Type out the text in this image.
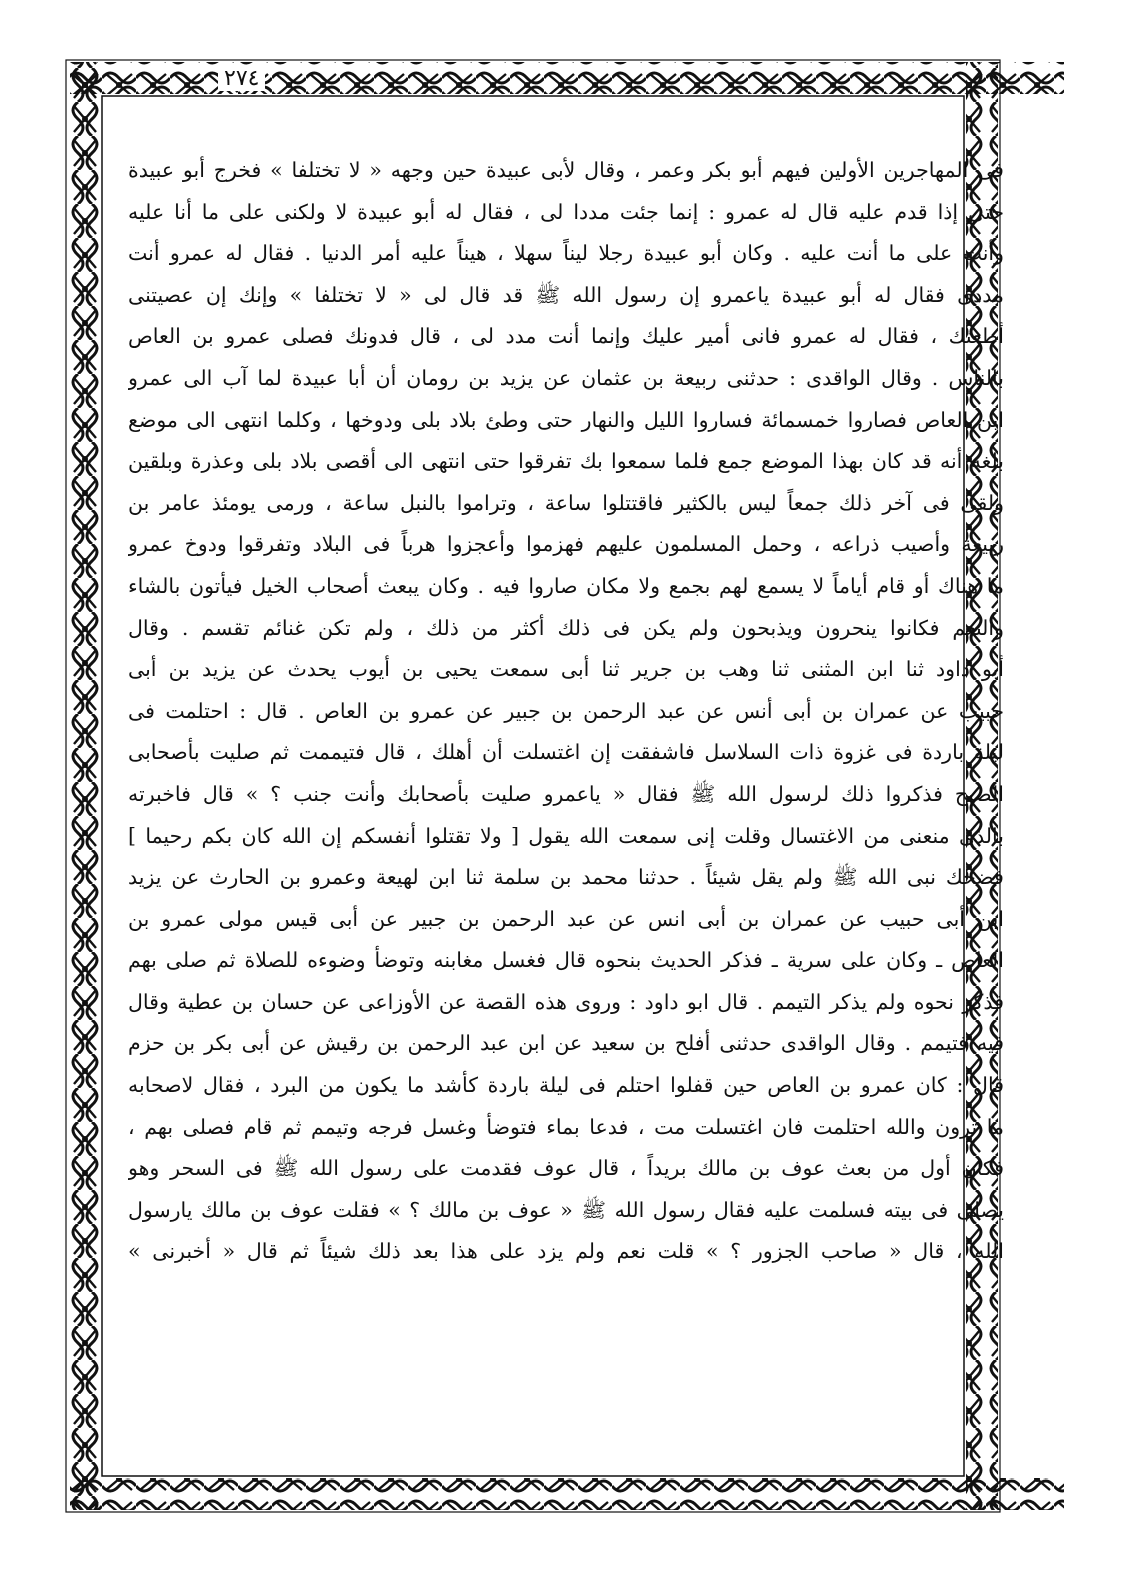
٢٧٤
فى المهاجرين الأولين فيهم أبو بكر وعمر ، وقال لأبى عبيدة حين وجهه « لا تختلفا » فخرج أبو عبيدة
حتى إذا قدم عليه قال له عمرو : إنما جئت مددا لى ، فقال له أبو عبيدة لا ولكنى على ما أنا عليه
وأنت على ما أنت عليه . وكان أبو عبيدة رجلا ليناً سهلا ، هيناً عليه أمر الدنيا . فقال له عمرو أنت
مددى فقال له أبو عبيدة ياعمرو إن رسول الله ﷺ قد قال لى « لا تختلفا » وإنك إن عصيتنى
أطعتك ، فقال له عمرو فانى أمير عليك وإنما أنت مدد لى ، قال فدونك فصلى عمرو بن العاص
بالناس . وقال الواقدى : حدثنى ربيعة بن عثمان عن يزيد بن رومان أن أبا عبيدة لما آب الى عمرو
ابن العاص فصاروا خمسمائة فساروا الليل والنهار حتى وطئ بلاد بلى ودوخها ، وكلما انتهى الى موضع
بلغه أنه قد كان بهذا الموضع جمع فلما سمعوا بك تفرقوا حتى انتهى الى أقصى بلاد بلى وعذرة وبلقين
ولقى فى آخر ذلك جمعاً ليس بالكثير فاقتتلوا ساعة ، وتراموا بالنبل ساعة ، ورمى يومئذ عامر بن
ربيعة وأصيب ذراعه ، وحمل المسلمون عليهم فهزموا وأعجزوا هرباً فى البلاد وتفرقوا ودوخ عمرو
ما هناك أو قام أياماً لا يسمع لهم بجمع ولا مكان صاروا فيه . وكان يبعث أصحاب الخيل فيأتون بالشاء
والنعم فكانوا ينحرون ويذبحون ولم يكن فى ذلك أكثر من ذلك ، ولم تكن غنائم تقسم . وقال
أبو داود ثنا ابن المثنى ثنا وهب بن جرير ثنا أبى سمعت يحيى بن أيوب يحدث عن يزيد بن أبى
حبيب عن عمران بن أبى أنس عن عبد الرحمن بن جبير عن عمرو بن العاص . قال : احتلمت فى
ليلة باردة فى غزوة ذات السلاسل فاشفقت إن اغتسلت أن أهلك ، قال فتيممت ثم صليت بأصحابى
الصبح فذكروا ذلك لرسول الله ﷺ فقال « ياعمرو صليت بأصحابك وأنت جنب ؟ » قال فاخبرته
بالذى منعنى من الاغتسال وقلت إنى سمعت الله يقول [ ولا تقتلوا أنفسكم إن الله كان بكم رحيما ]
فضحك نبى الله ﷺ ولم يقل شيئاً . حدثنا محمد بن سلمة ثنا ابن لهيعة وعمرو بن الحارث عن يزيد
ابن أبى حبيب عن عمران بن أبى انس عن عبد الرحمن بن جبير عن أبى قيس مولى عمرو بن
العاص ـ وكان على سرية ـ فذكر الحديث بنحوه قال فغسل مغابنه وتوضأ وضوءه للصلاة ثم صلى بهم
فذكر نحوه ولم يذكر التيمم . قال ابو داود : وروى هذه القصة عن الأوزاعى عن حسان بن عطية وقال
فيه فتيمم . وقال الواقدى حدثنى أفلح بن سعيد عن ابن عبد الرحمن بن رقيش عن أبى بكر بن حزم
قال : كان عمرو بن العاص حين قفلوا احتلم فى ليلة باردة كأشد ما يكون من البرد ، فقال لاصحابه
ما ترون والله احتلمت فان اغتسلت مت ، فدعا بماء فتوضأ وغسل فرجه وتيمم ثم قام فصلى بهم ،
فكان أول من بعث عوف بن مالك بريداً ، قال عوف فقدمت على رسول الله ﷺ فى السحر وهو
يصلى فى بيته فسلمت عليه فقال رسول الله ﷺ « عوف بن مالك ؟ » فقلت عوف بن مالك يارسول
الله ، قال « صاحب الجزور ؟ » قلت نعم ولم يزد على هذا بعد ذلك شيئاً ثم قال « أخبرنى »
